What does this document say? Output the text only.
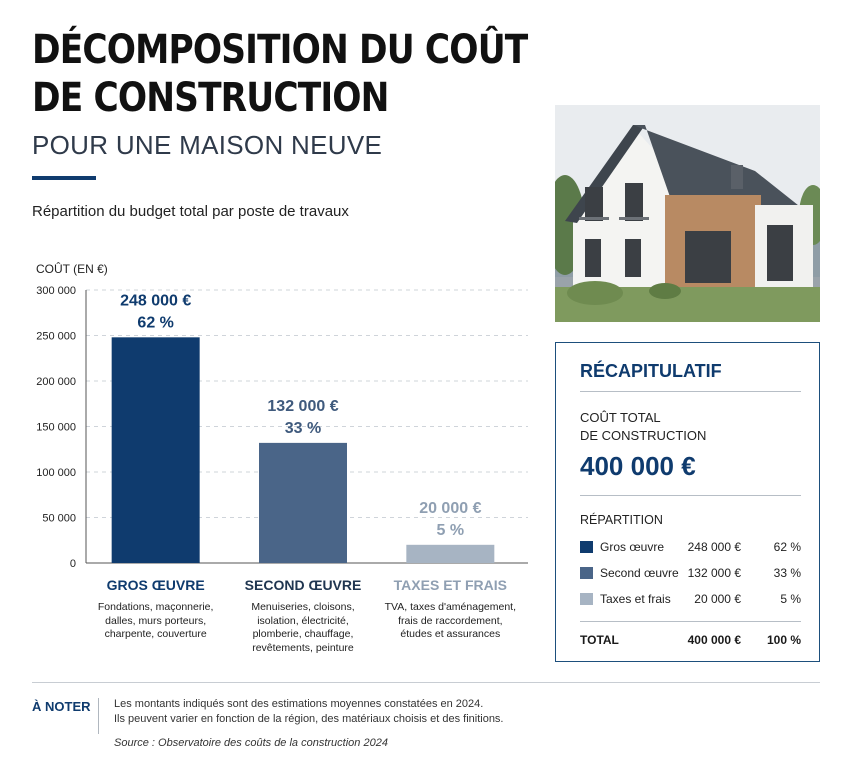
DÉCOMPOSITION DU COÛT
DE CONSTRUCTION
POUR UNE MAISON NEUVE
Répartition du budget total par poste de travaux
COÛT (EN €)
0
50 000
100 000
150 000
200 000
250 000
300 000
248 000 €
62 %
132 000 €
33 %
20 000 €
5 %
GROS ŒUVRE
Fondations, maçonnerie,
dalles, murs porteurs,
charpente, couverture
SECOND ŒUVRE
Menuiseries, cloisons,
isolation, électricité,
plomberie, chauffage,
revêtements, peinture
TAXES ET FRAIS
TVA, taxes d'aménagement,
frais de raccordement,
études et assurances
RÉCAPITULATIF
COÛT TOTAL
DE CONSTRUCTION
400 000 €
RÉPARTITION
Gros œuvre 248 000 €	62 %
Second œuvre 132 000 €	33 %
Taxes et frais 20 000 €	5 %
TOTAL	400 000 € 100 %
À NOTER Les montants indiqués sont des estimations moyennes constatées en 2024.
Ils peuvent varier en fonction de la région, des matériaux choisis et des finitions.
Source : Observatoire des coûts de la construction 2024
